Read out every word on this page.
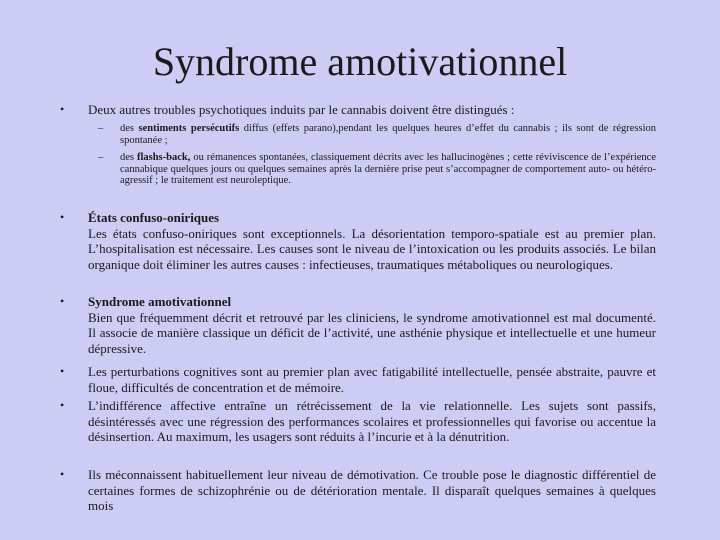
Syndrome amotivationnel
• Deux autres troubles psychotiques induits par le cannabis doivent être distingués :
– des sentiments persécutifs diffus (effets parano),pendant les quelques heures d’effet du cannabis ; ils sont de régression spontanée ;
– des flashs-back, ou rémanences spontanées, classiquement décrits avec les hallucinogènes ; cette réviviscence de l’expérience cannabique quelques jours ou quelques semaines après la dernière prise peut s’accompagner de comportement auto- ou hétéro-agressif ; le traitement est neuroleptique.
• États confuso-oniriques
Les états confuso-oniriques sont exceptionnels. La désorientation temporo-spatiale est au premier plan. L’hospitalisation est nécessaire. Les causes sont le niveau de l’intoxication ou les produits associés. Le bilan organique doit éliminer les autres causes : infectieuses, traumatiques métaboliques ou neurologiques.
• Syndrome amotivationnel
Bien que fréquemment décrit et retrouvé par les cliniciens, le syndrome amotivationnel est mal documenté. Il associe de manière classique un déficit de l’activité, une asthénie physique et intellectuelle et une humeur dépressive.
• Les perturbations cognitives sont au premier plan avec fatigabilité intellectuelle, pensée abstraite, pauvre et floue, difficultés de concentration et de mémoire.
• L’indifférence affective entraîne un rétrécissement de la vie relationnelle. Les sujets sont passifs, désintéressés avec une régression des performances scolaires et professionnelles qui favorise ou accentue la désinsertion. Au maximum, les usagers sont réduits à l’incurie et à la dénutrition.
• Ils méconnaissent habituellement leur niveau de démotivation. Ce trouble pose le diagnostic différentiel de certaines formes de schizophrénie ou de détérioration mentale. Il disparaît quelques semaines à quelques mois
